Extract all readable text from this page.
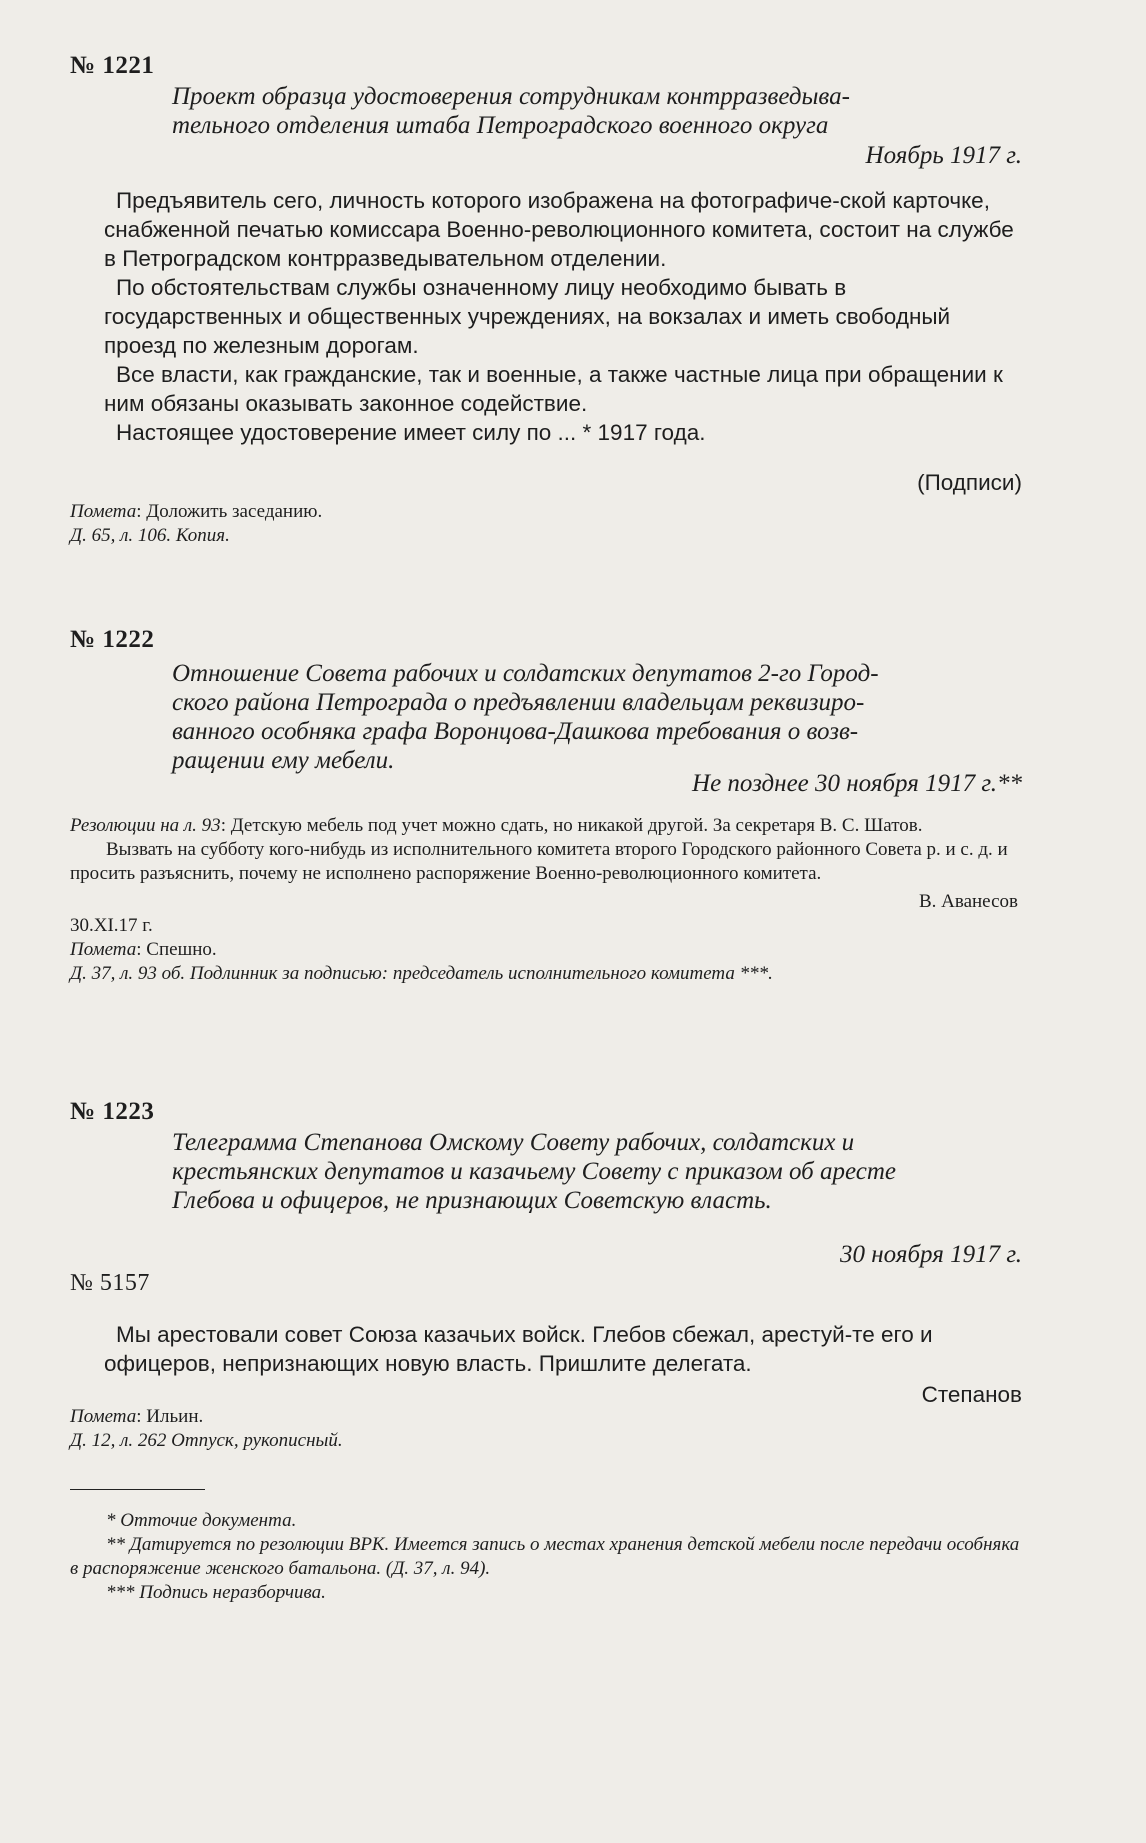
№ 1221
Проект образца удостоверения сотрудникам контрразведыва-
тельного отделения штаба Петроградского военного округа
Ноябрь 1917 г.

Предъявитель сего, личность которого изображена на фотографиче-ской карточке, снабженной печатью комиссара Военно-революционного комитета, состоит на службе в Петроградском контрразведывательном отделении.

По обстоятельствам службы означенному лицу необходимо бывать в государственных и общественных учреждениях, на вокзалах и иметь свободный проезд по железным дорогам.

Все власти, как гражданские, так и военные, а также частные лица при обращении к ним обязаны оказывать законное содействие.

Настоящее удостоверение имеет силу по ... * 1917 года.

(Подписи)
Помета: Доложить заседанию.
Д. 65, л. 106. Копия.
№ 1222
Отношение Совета рабочих и солдатских депутатов 2-го Город-
ского района Петрограда о предъявлении владельцам реквизиро-
ванного особняка графа Воронцова-Дашкова требования о возв-
ращении ему мебели.
Не позднее 30 ноября 1917 г.**
Резолюции на л. 93: Детскую мебель под учет можно сдать, но никакой другой. За секретаря В. С. Шатов.
Вызвать на субботу кого-нибудь из исполнительного комитета второго Городского районного Совета р. и с. д. и просить разъяснить, почему не исполнено распоряжение Военно-революционного комитета.
В. Аванесов
30.XI.17 г.
Помета: Спешно.
Д. 37, л. 93 об. Подлинник за подписью: председатель исполнительного комитета ***.
№ 1223
Телеграмма Степанова Омскому Совету рабочих, солдатских и
крестьянских депутатов и казачьему Совету с приказом об аресте
Глебова и офицеров, не признающих Советскую власть.
30 ноября 1917 г.
№ 5157

Мы арестовали совет Союза казачьих войск. Глебов сбежал, арестуй-те его и офицеров, непризнающих новую власть. Пришлите делегата.

Степанов
Помета: Ильин.
Д. 12, л. 262 Отпуск, рукописный.
* Отточие документа.
** Датируется по резолюции ВРК. Имеется запись о местах хранения детской мебели после передачи особняка в распоряжение женского батальона. (Д. 37, л. 94).
*** Подпись неразборчива.
